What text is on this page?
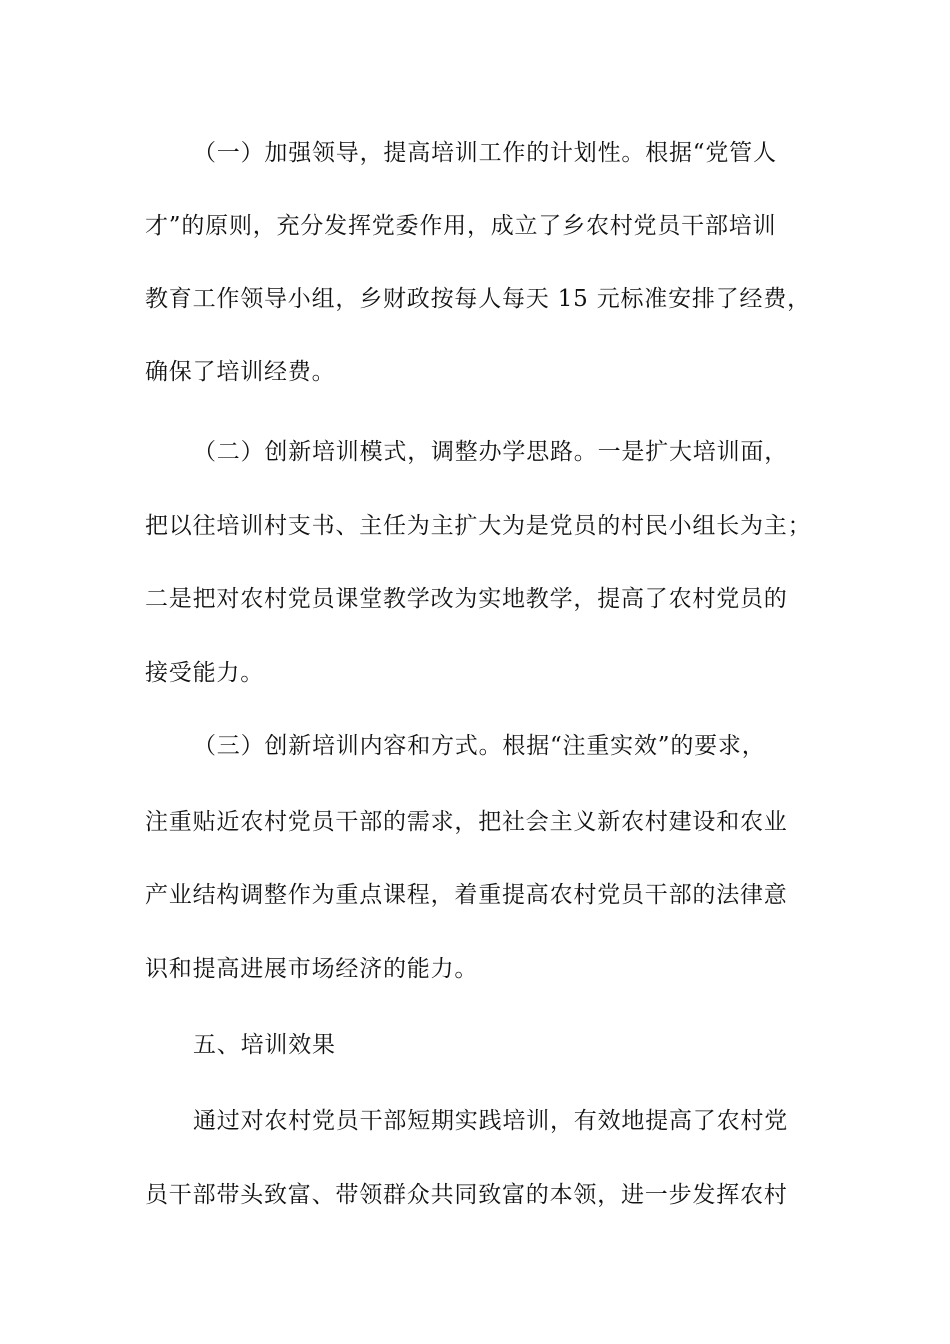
（一）加强领导，提高培训工作的计划性。根据“党管人
才”的原则，充分发挥党委作用，成立了乡农村党员干部培训
教育工作领导小组，乡财政按每人每天 15 元标准安排了经费，
确保了培训经费。
（二）创新培训模式，调整办学思路。一是扩大培训面，
把以往培训村支书、主任为主扩大为是党员的村民小组长为主；
二是把对农村党员课堂教学改为实地教学，提高了农村党员的
接受能力。
（三）创新培训内容和方式。根据“注重实效”的要求，
注重贴近农村党员干部的需求，把社会主义新农村建设和农业
产业结构调整作为重点课程，着重提高农村党员干部的法律意
识和提高进展市场经济的能力。
五、培训效果
通过对农村党员干部短期实践培训，有效地提高了农村党
员干部带头致富、带领群众共同致富的本领，进一步发挥农村
